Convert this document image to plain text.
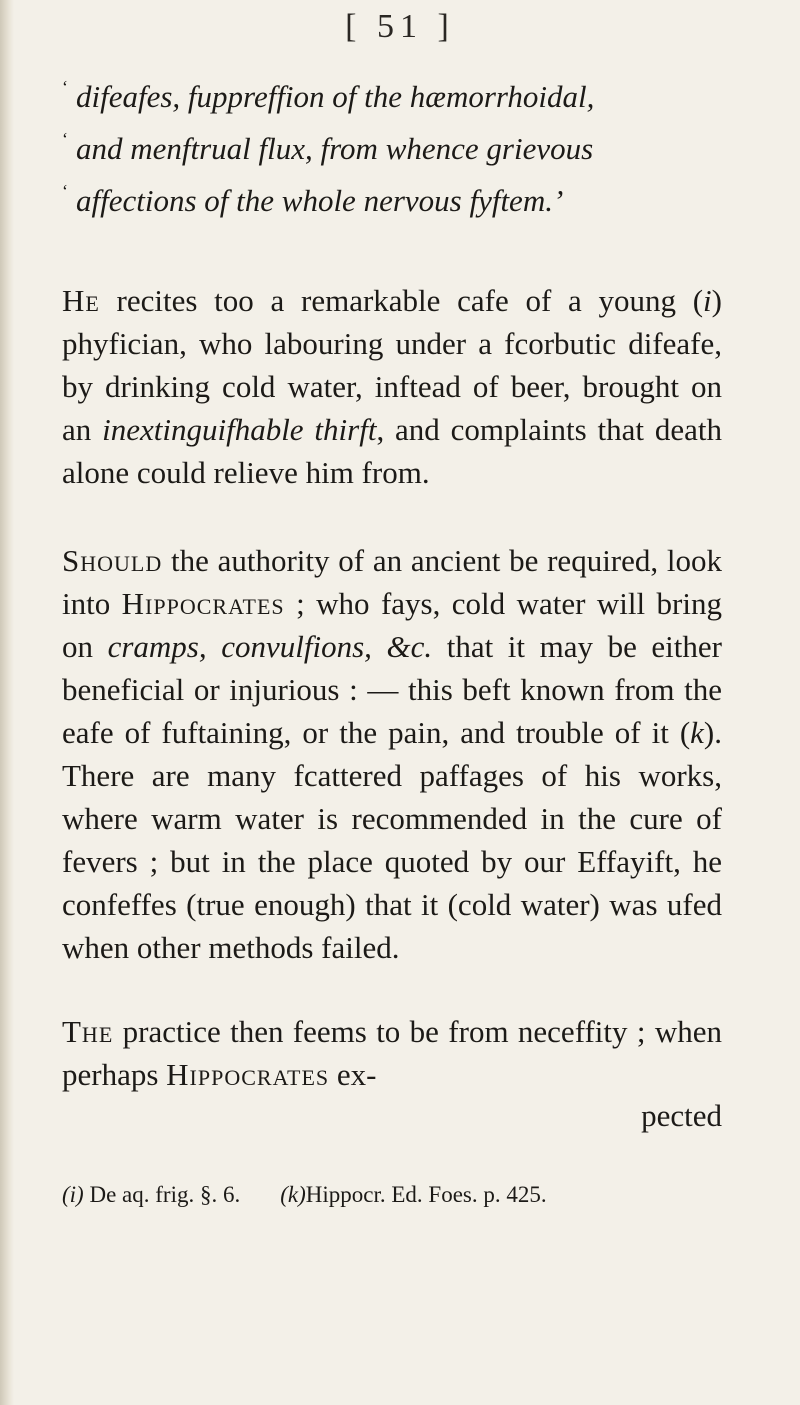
[ 51 ]
‘ difeafes, fuppreffion of the hæmorrhoidal,
‘ and menftrual flux, from whence grievous
‘ affections of the whole nervous fyftem.’
He recites too a remarkable cafe of a young (i) phyfician, who labouring under a fcorbutic difeafe, by drinking cold water, inftead of beer, brought on an inextinguifhable thirft, and complaints that death alone could relieve him from.
Should the authority of an ancient be required, look into Hippocrates ; who fays, cold water will bring on cramps, convulfions, &c. that it may be either beneficial or injurious : — this beft known from the eafe of fuftaining, or the pain, and trouble of it (k). There are many fcattered paffages of his works, where warm water is recommended in the cure of fevers ; but in the place quoted by our Effayift, he confeffes (true enough) that it (cold water) was ufed when other methods failed.
The practice then feems to be from neceffity ; when perhaps Hippocrates ex-
pected
(i) De aq. frig. §. 6. (k)Hippocr. Ed. Foes. p. 425.
